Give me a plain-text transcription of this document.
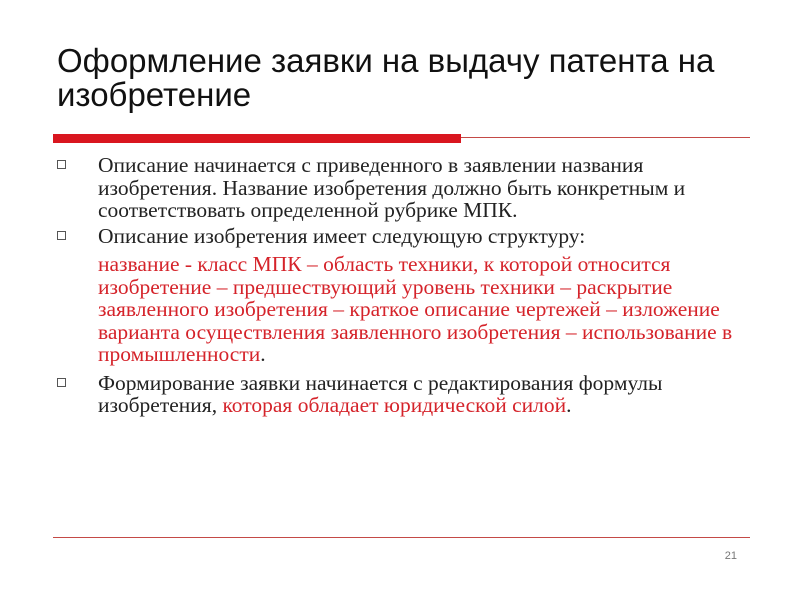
Оформление заявки на выдачу патента на изобретение
Описание начинается с приведенного в заявлении названия изобретения. Название изобретения должно быть конкретным и соответствовать определенной рубрике МПК.
Описание изобретения имеет следующую структуру:
название - класс МПК – область техники, к которой относится изобретение – предшествующий уровень техники – раскрытие заявленного изобретения – краткое описание чертежей – изложение варианта осуществления заявленного изобретения – использование в промышленности.
Формирование заявки начинается с редактирования формулы изобретения, которая обладает юридической силой.
21
